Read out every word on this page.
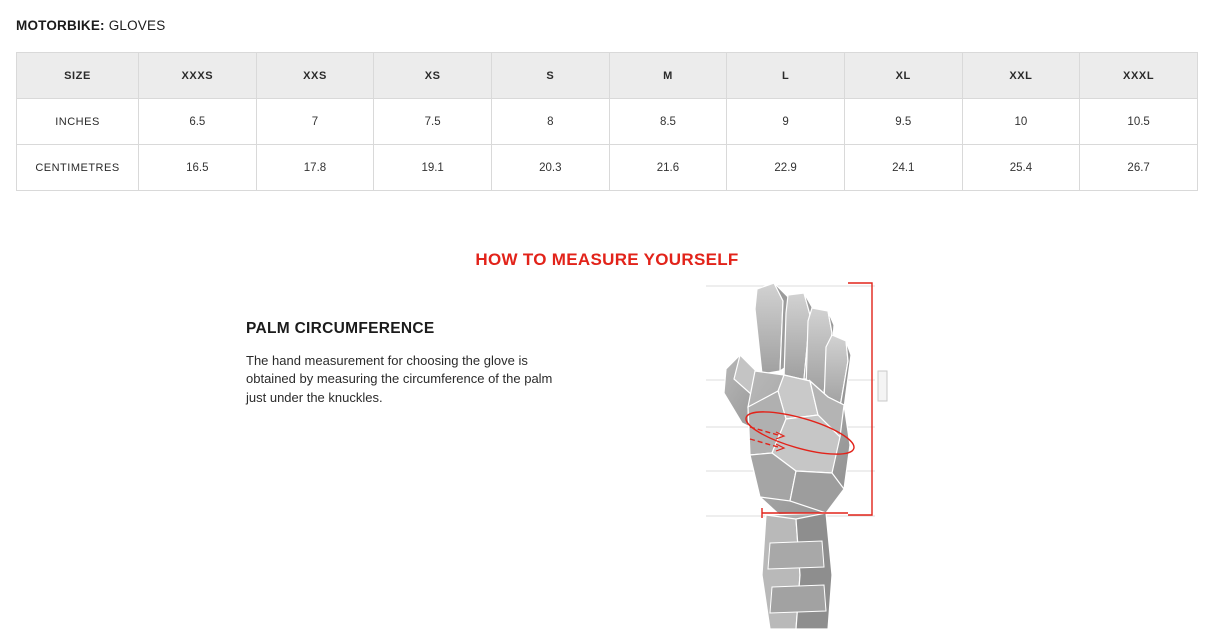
MOTORBIKE: GLOVES
SIZE	XXXS	XXS	XS	S	M	L	XL	XXL	XXXL
INCHES	6.5	7	7.5	8	8.5	9	9.5	10	10.5
CENTIMETRES	16.5	17.8	19.1	20.3	21.6	22.9	24.1	25.4	26.7
HOW TO MEASURE YOURSELF
PALM CIRCUMFERENCE

The hand measurement for choosing the glove is obtained by measuring the circumference of the palm just under the knuckles.
